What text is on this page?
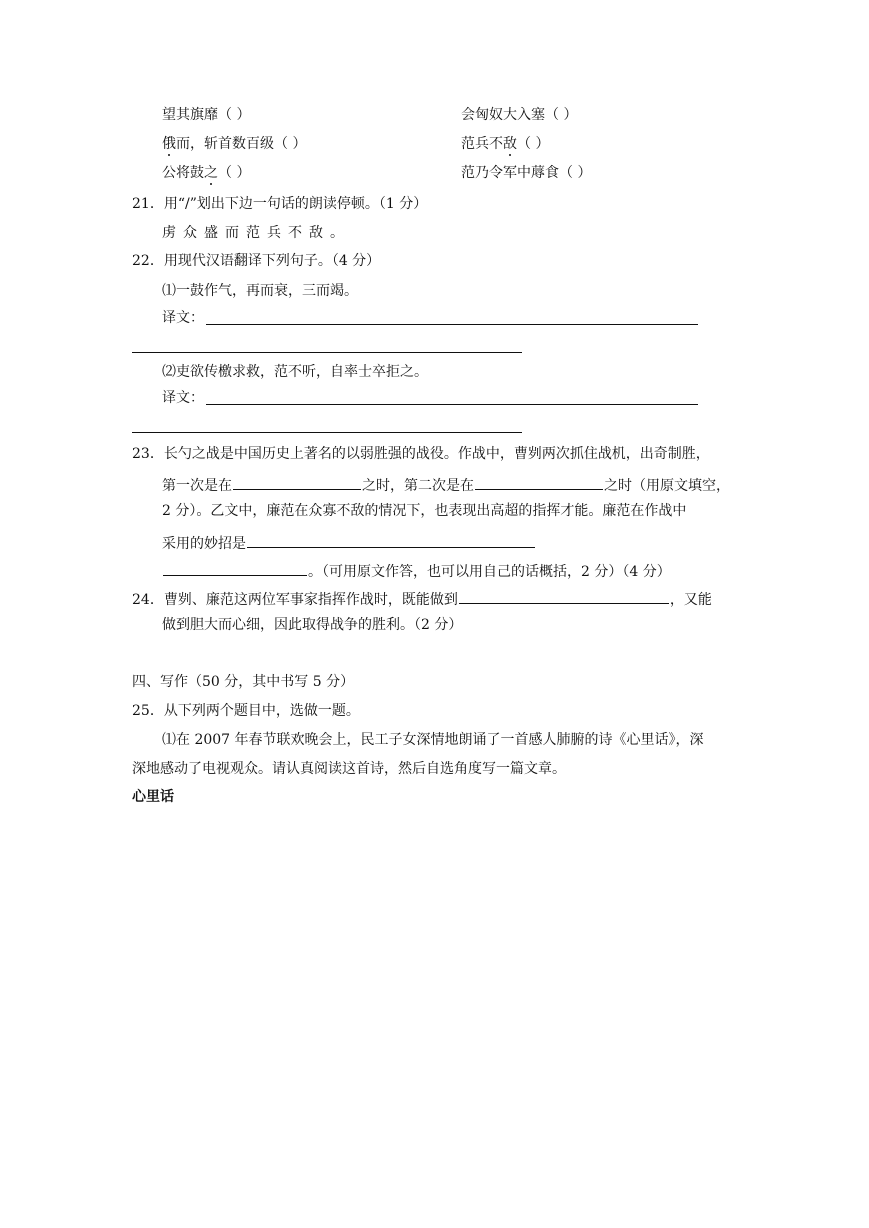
望其旗靡（ ）	会匈奴大入塞（ ）
俄而，斩首数百级（ ）	范兵不敌（ ）
公将鼓之（ ）	范乃令军中蓐食（ ）
21．用“/”划出下边一句话的朗读停顿。（1 分）
虏众盛而范兵不敌。
22．用现代汉语翻译下列句子。（4 分）
⑴一鼓作气，再而衰，三而竭。
译文：
⑵吏欲传檄求救，范不听，自率士卒拒之。
译文：
23．长勺之战是中国历史上著名的以弱胜强的战役。作战中，曹刿两次抓住战机，出奇制胜，
第一次是在	之时，第二次是在	之时（用原文填空，
2 分）。乙文中，廉范在众寡不敌的情况下，也表现出高超的指挥才能。廉范在作战中
采用的妙招是
。（可用原文作答，也可以用自己的话概括，2 分）（4 分）
24．曹刿、廉范这两位军事家指挥作战时，既能做到	，又能
做到胆大而心细，因此取得战争的胜利。（2 分）
四、写作（50 分，其中书写 5 分）
25．从下列两个题目中，选做一题。
⑴在 2007 年春节联欢晚会上，民工子女深情地朗诵了一首感人肺腑的诗《心里话》，深
深地感动了电视观众。请认真阅读这首诗，然后自选角度写一篇文章。
心里话
